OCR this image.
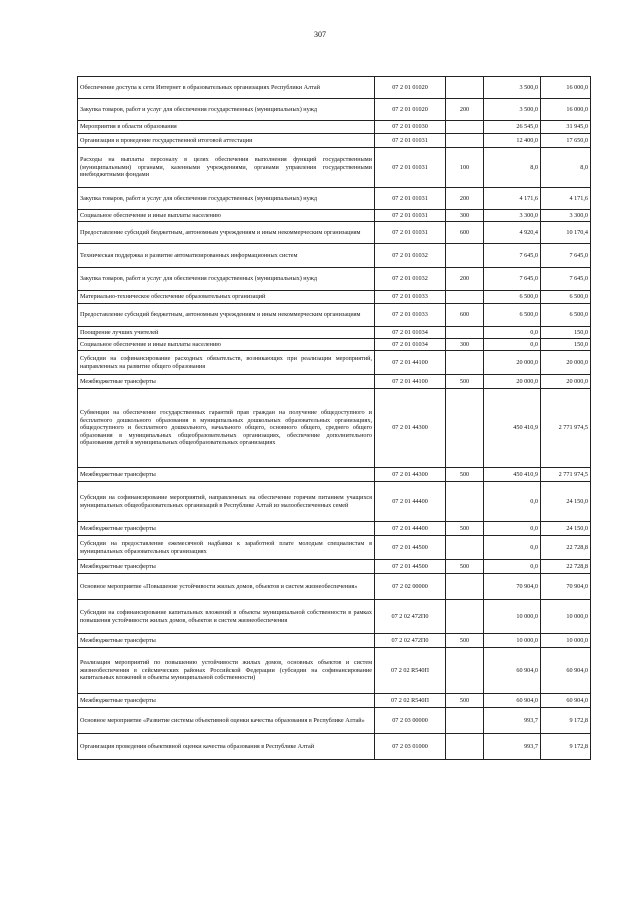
307
Обеспечение доступа к сети Интернет в образовательных организациях Республики Алтай	07 2 01 01020		3 500,0	16 000,0
Закупка товаров, работ и услуг для обеспечения государственных (муниципальных) нужд	07 2 01 01020	200	3 500,0	16 000,0
Мероприятия в области образования	07 2 01 01030		26 545,0	31 945,0
Организация и проведение государственной итоговой аттестации	07 2 01 01031		12 400,0	17 650,0
Расходы на выплаты персоналу в целях обеспечения выполнения функций государственными (муниципальными) органами, казенными учреждениями, органами управления государственными внебюджетными фондами	07 2 01 01031	100	8,0	8,0
Закупка товаров, работ и услуг для обеспечения государственных (муниципальных) нужд	07 2 01 01031	200	4 171,6	4 171,6
Социальное обеспечение и иные выплаты населению	07 2 01 01031	300	3 300,0	3 300,0
Предоставление субсидий бюджетным, автономным учреждениям и иным некоммерческим организациям	07 2 01 01031	600	4 920,4	10 170,4
Техническая поддержка и развитие автоматизированных информационных систем	07 2 01 01032		7 645,0	7 645,0
Закупка товаров, работ и услуг для обеспечения государственных (муниципальных) нужд	07 2 01 01032	200	7 645,0	7 645,0
Материально-техническое обеспечение образовательных организаций	07 2 01 01033		6 500,0	6 500,0
Предоставление субсидий бюджетным, автономным учреждениям и иным некоммерческим организациям	07 2 01 01033	600	6 500,0	6 500,0
Поощрение лучших учителей	07 2 01 01034		0,0	150,0
Социальное обеспечение и иные выплаты населению	07 2 01 01034	300	0,0	150,0
Субсидии на софинансирование расходных обязательств, возникающих при реализации мероприятий, направленных на развитие общего образования	07 2 01 44100		20 000,0	20 000,0
Межбюджетные трансферты	07 2 01 44100	500	20 000,0	20 000,0
Субвенции на обеспечение государственных гарантий прав граждан на получение общедоступного и бесплатного дошкольного образования в муниципальных дошкольных образовательных организациях, общедоступного и бесплатного дошкольного, начального общего, основного общего, среднего общего образования в муниципальных общеобразовательных организациях, обеспечение дополнительного образования детей в муниципальных общеобразовательных организациях	07 2 01 44300		450 410,9	2 771 974,5
Межбюджетные трансферты	07 2 01 44300	500	450 410,9	2 771 974,5
Субсидии на софинансирование мероприятий, направленных на обеспечение горячим питанием учащихся муниципальных общеобразовательных организаций в Республике Алтай из малообеспеченных семей	07 2 01 44400		0,0	24 150,0
Межбюджетные трансферты	07 2 01 44400	500	0,0	24 150,0
Субсидии на предоставление ежемесячной надбавки к заработной плате молодым специалистам в муниципальных образовательных организациях	07 2 01 44500		0,0	22 728,8
Межбюджетные трансферты	07 2 01 44500	500	0,0	22 728,8
Основное мероприятие «Повышение устойчивости жилых домов, объектов и систем жизнеобеспечения»	07 2 02 00000		70 904,0	70 904,0
Субсидии на софинансирование капитальных вложений в объекты муниципальной собственности в рамках повышения устойчивости жилых домов, объектов и систем жизнеобеспечения	07 2 02 472П0		10 000,0	10 000,0
Межбюджетные трансферты	07 2 02 472П0	500	10 000,0	10 000,0
Реализация мероприятий по повышению устойчивости жилых домов, основных объектов и систем жизнеобеспечения в сейсмических районах Российской Федерации (субсидии на софинансирование капитальных вложений в объекты муниципальной собственности)	07 2 02 R540П		60 904,0	60 904,0
Межбюджетные трансферты	07 2 02 R540П	500	60 904,0	60 904,0
Основное мероприятие «Развитие системы объективной оценки качества образования в Республике Алтай»	07 2 03 00000		993,7	9 172,8
Организация проведения объективной оценки качества образования в Республике Алтай	07 2 03 01000		993,7	9 172,8
